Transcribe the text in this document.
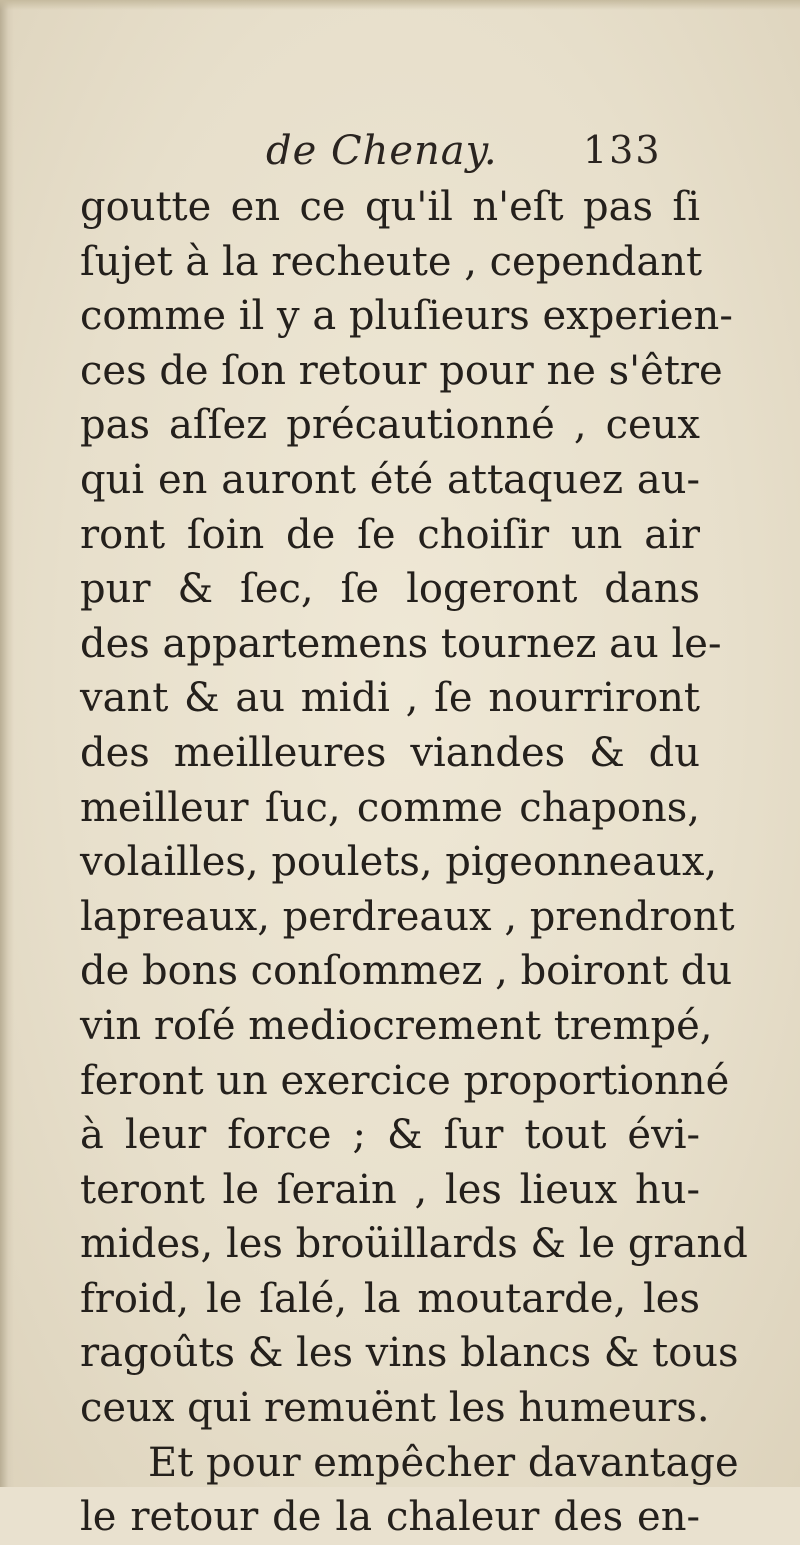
de Chenay. 133
goutte en ce qu'il n'eſt pas ſi
ſujet à la recheute , cependant
comme il y a pluſieurs experien-
ces de ſon retour pour ne s'être
pas aſſez précautionné , ceux
qui en auront été attaquez au-
ront ſoin de ſe choiſir un air
pur & ſec, ſe logeront dans
des appartemens tournez au le-
vant & au midi , ſe nourriront
des meilleures viandes & du
meilleur ſuc, comme chapons,
volailles, poulets, pigeonneaux,
lapreaux, perdreaux , prendront
de bons conſommez , boiront du
vin roſé mediocrement trempé,
feront un exercice proportionné
à leur force ; & ſur tout évi-
teront le ſerain , les lieux hu-
mides, les broüillards & le grand
froid, le ſalé, la moutarde, les
ragoûts & les vins blancs & tous
ceux qui remuënt les humeurs.
Et pour empêcher davantage
le retour de la chaleur des en-
